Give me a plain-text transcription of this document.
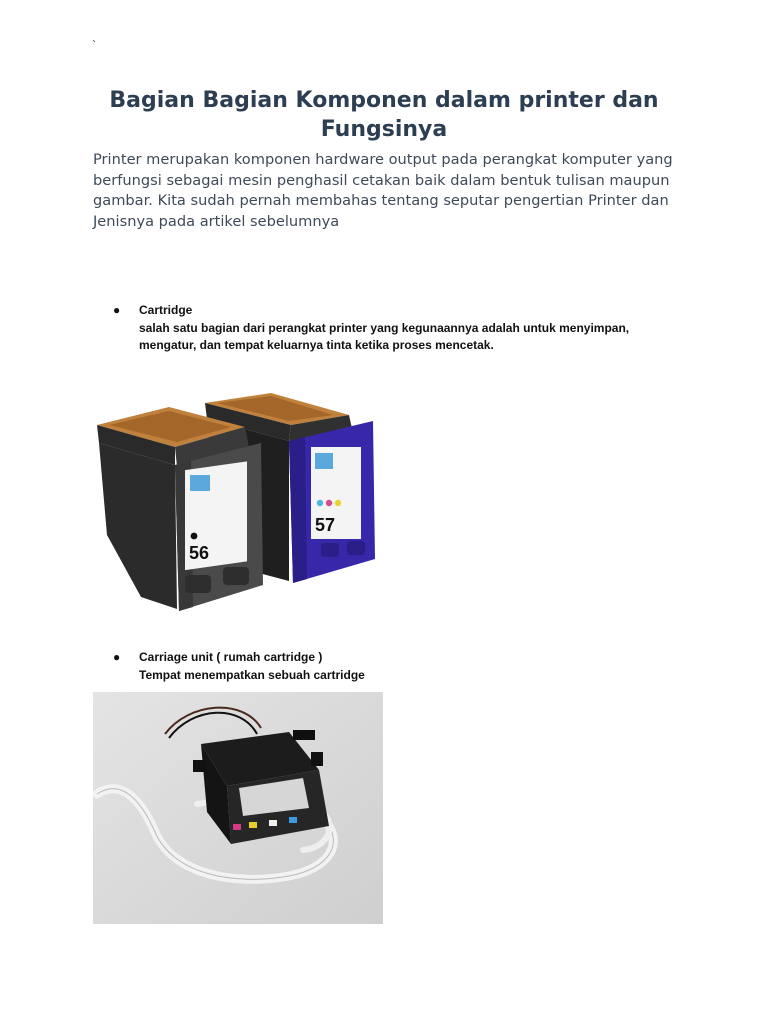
`
Bagian Bagian Komponen dalam printer dan Fungsinya

Printer merupakan komponen hardware output pada perangkat komputer yang berfungsi sebagai mesin penghasil cetakan baik dalam bentuk tulisan maupun gambar. Kita sudah pernah membahas tentang seputar pengertian Printer dan Jenisnya pada artikel sebelumnya

● Cartridge
salah satu bagian dari perangkat printer yang kegunaannya adalah untuk menyimpan, mengatur, dan tempat keluarnya tinta ketika proses mencetak.
57
56
● Carriage unit ( rumah cartridge )
Tempat menempatkan sebuah cartridge
